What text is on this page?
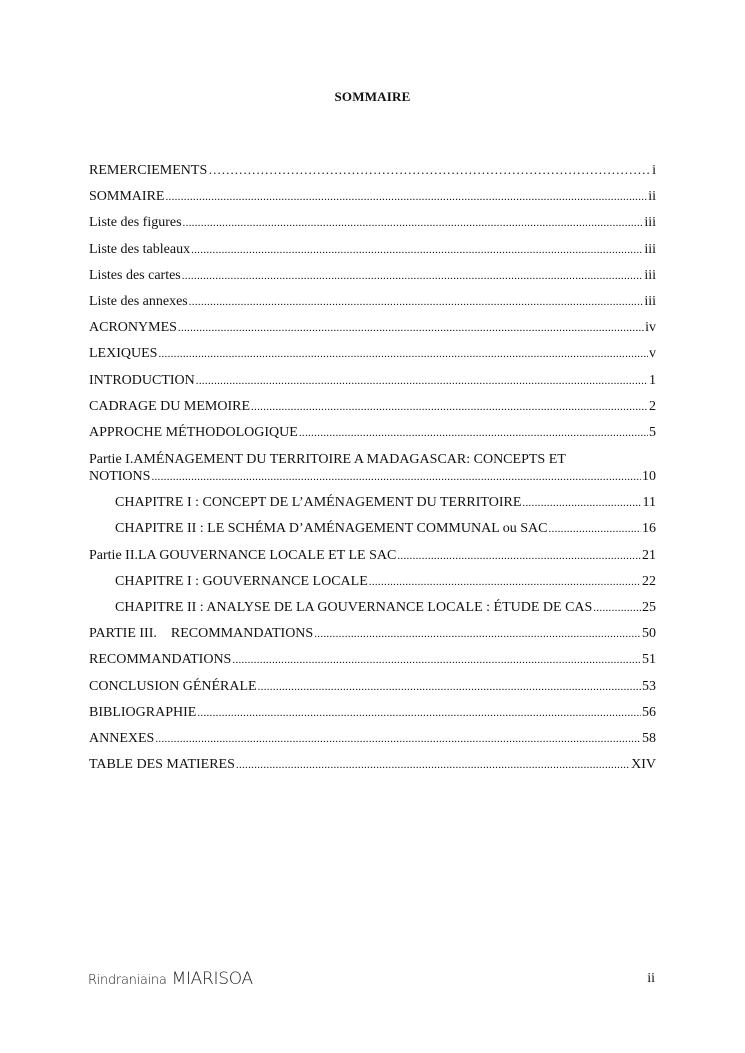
SOMMAIRE
REMERCIEMENTS ………………………………………………………………………………………………………………………………………………………	i
SOMMAIRE .....	ii
Liste des figures .....	iii
Liste des tableaux .....	iii
Listes des cartes .....	iii
Liste des annexes .....	iii
ACRONYMES .....	iv
LEXIQUES .....	v
INTRODUCTION .....	1
CADRAGE DU MEMOIRE .....	2
APPROCHE MÉTHODOLOGIQUE .....	5
Partie I.AMÉNAGEMENT DU TERRITOIRE A MADAGASCAR: CONCEPTS ET
NOTIONS .....	10
CHAPITRE I : CONCEPT DE L’AMÉNAGEMENT DU TERRITOIRE .....	11
CHAPITRE II : LE SCHÉMA D’AMÉNAGEMENT COMMUNAL ou SAC .....	16
Partie II.LA GOUVERNANCE LOCALE ET LE SAC .....	21
CHAPITRE I : GOUVERNANCE LOCALE .....	22
CHAPITRE II : ANALYSE DE LA GOUVERNANCE LOCALE : ÉTUDE DE CAS .....	25
PARTIE III.    RECOMMANDATIONS .....	50
RECOMMANDATIONS .....	51
CONCLUSION GÉNÉRALE .....	53
BIBLIOGRAPHIE .....	56
ANNEXES .....	58
TABLE DES MATIERES .....	XIV
Rindraniaina MIARISOA	ii
